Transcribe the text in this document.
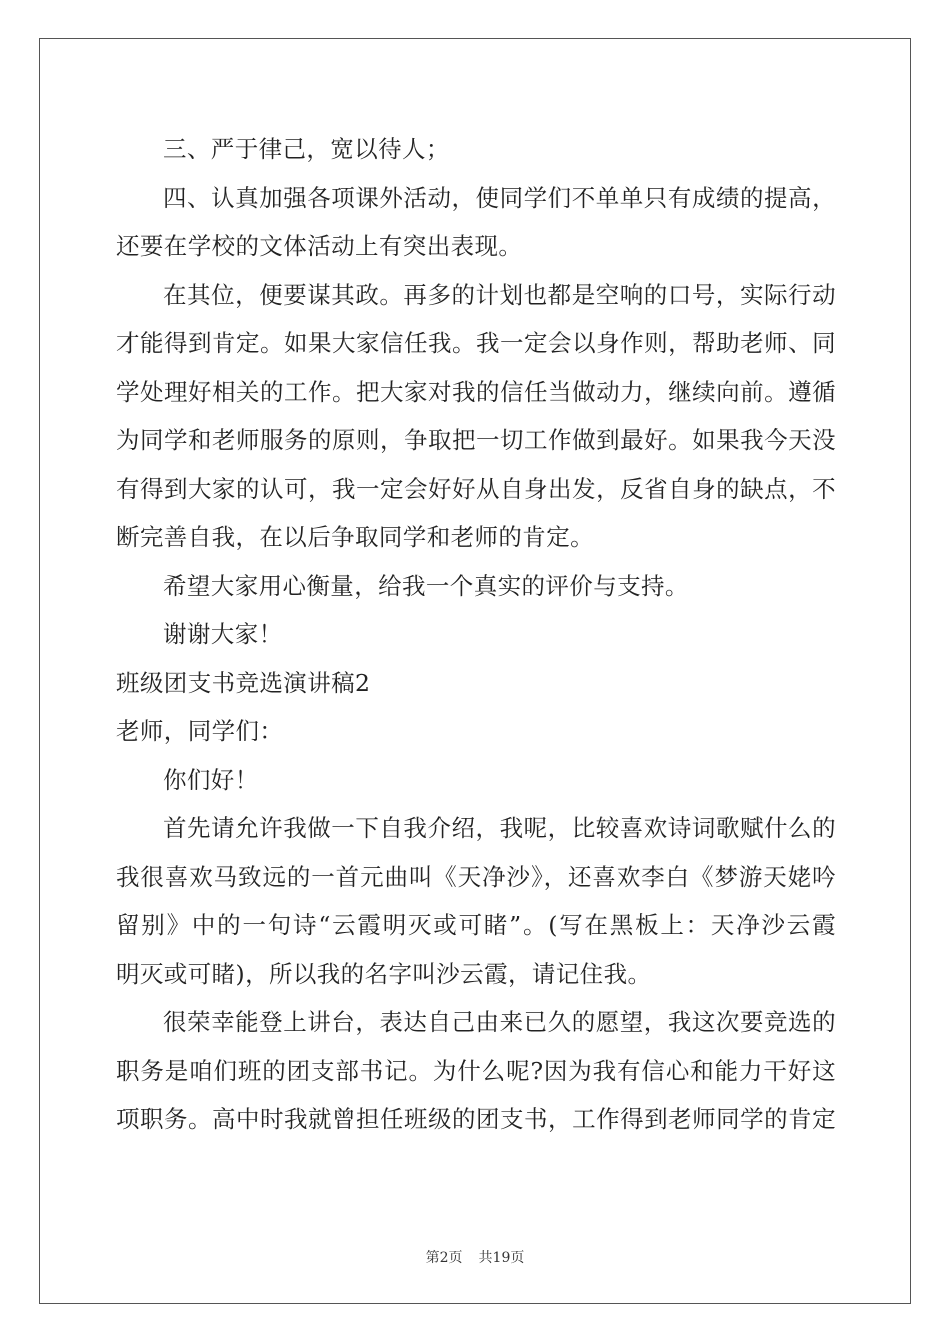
三、严于律己，宽以待人；
四、认真加强各项课外活动，使同学们不单单只有成绩的提高，
还要在学校的文体活动上有突出表现。
在其位，便要谋其政。再多的计划也都是空响的口号，实际行动
才能得到肯定。如果大家信任我。我一定会以身作则，帮助老师、同
学处理好相关的工作。把大家对我的信任当做动力，继续向前。遵循
为同学和老师服务的原则，争取把一切工作做到最好。如果我今天没
有得到大家的认可，我一定会好好从自身出发，反省自身的缺点，不
断完善自我，在以后争取同学和老师的肯定。
希望大家用心衡量，给我一个真实的评价与支持。
谢谢大家！
班级团支书竞选演讲稿2
老师，同学们：
你们好！
首先请允许我做一下自我介绍，我呢，比较喜欢诗词歌赋什么的
我很喜欢马致远的一首元曲叫《天净沙》，还喜欢李白《梦游天姥吟
留别》中的一句诗“云霞明灭或可睹”。(写在黑板上：天净沙云霞
明灭或可睹)，所以我的名字叫沙云霞，请记住我。
很荣幸能登上讲台，表达自己由来已久的愿望，我这次要竞选的
职务是咱们班的团支部书记。为什么呢?因为我有信心和能力干好这
项职务。高中时我就曾担任班级的团支书，工作得到老师同学的肯定
第2页 共19页
